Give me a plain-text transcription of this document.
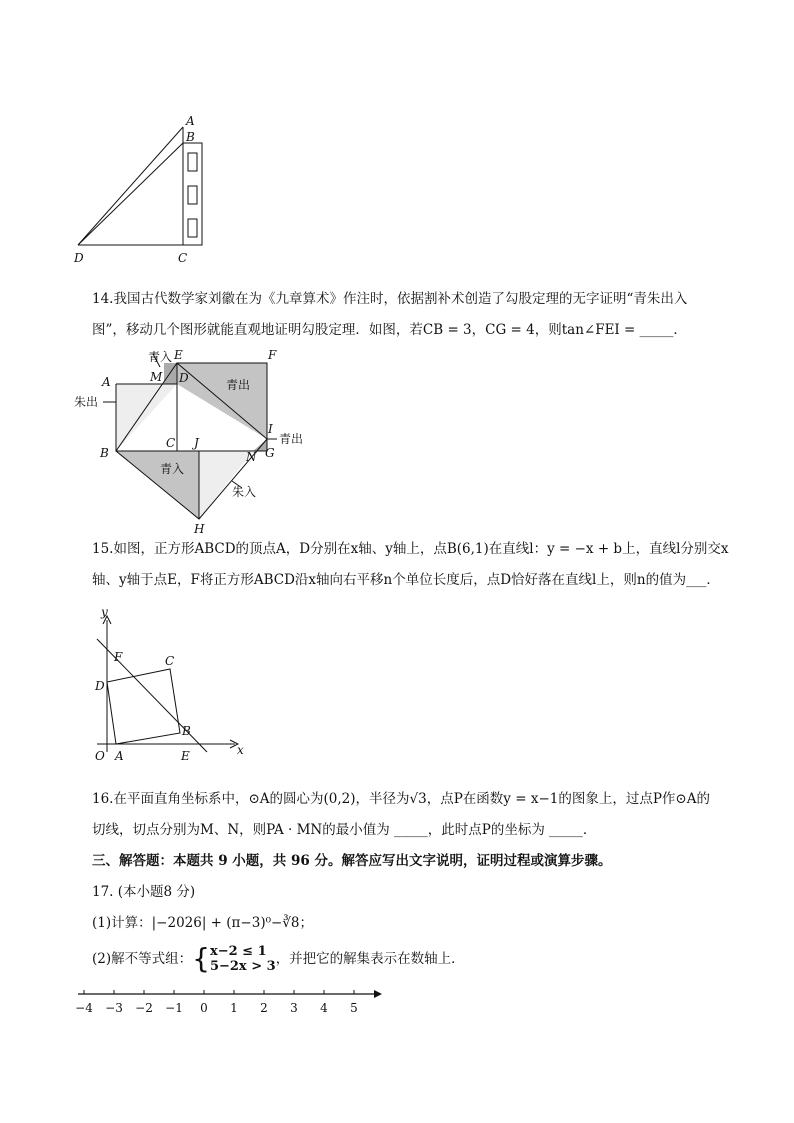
A
B
C
D
14.我国古代数学家刘徽在为《九章算术》作注时，依据割补术创造了勾股定理的无字证明“青朱出入
图”，移动几个图形就能直观地证明勾股定理．如图，若CB = 3，CG = 4，则tan∠FEI = _____．
青入
青出
朱出
青出
青入
朱入
A
B
C
D
E	F
G
H
I
J
M
N
15.如图，正方形ABCD的顶点A，D分别在x轴、y轴上，点B(6,1)在直线l：y = −x + b上，直线l分别交x
轴、y轴于点E，F将正方形ABCD沿x轴向右平移n个单位长度后，点D恰好落在直线l上，则n的值为___．
y
x
O A
B
C
D
E
F
16.在平面直角坐标系中，⊙A的圆心为(0,2)，半径为√3，点P在函数y = x−1的图象上，过点P作⊙A的
切线，切点分别为M、N，则PA · MN的最小值为 _____，此时点P的坐标为 _____．
三、解答题：本题共 9 小题，共 96 分。解答应写出文字说明，证明过程或演算步骤。
17. (本小题8 分)
(1)计算：|−2026| + (π−3)⁰−∛8；
(2)解不等式组：{x−2 ≤ 1
5−2x > 3，并把它的解集表示在数轴上．
−4 −3 −2 −1 0 1 2 3 4 5
